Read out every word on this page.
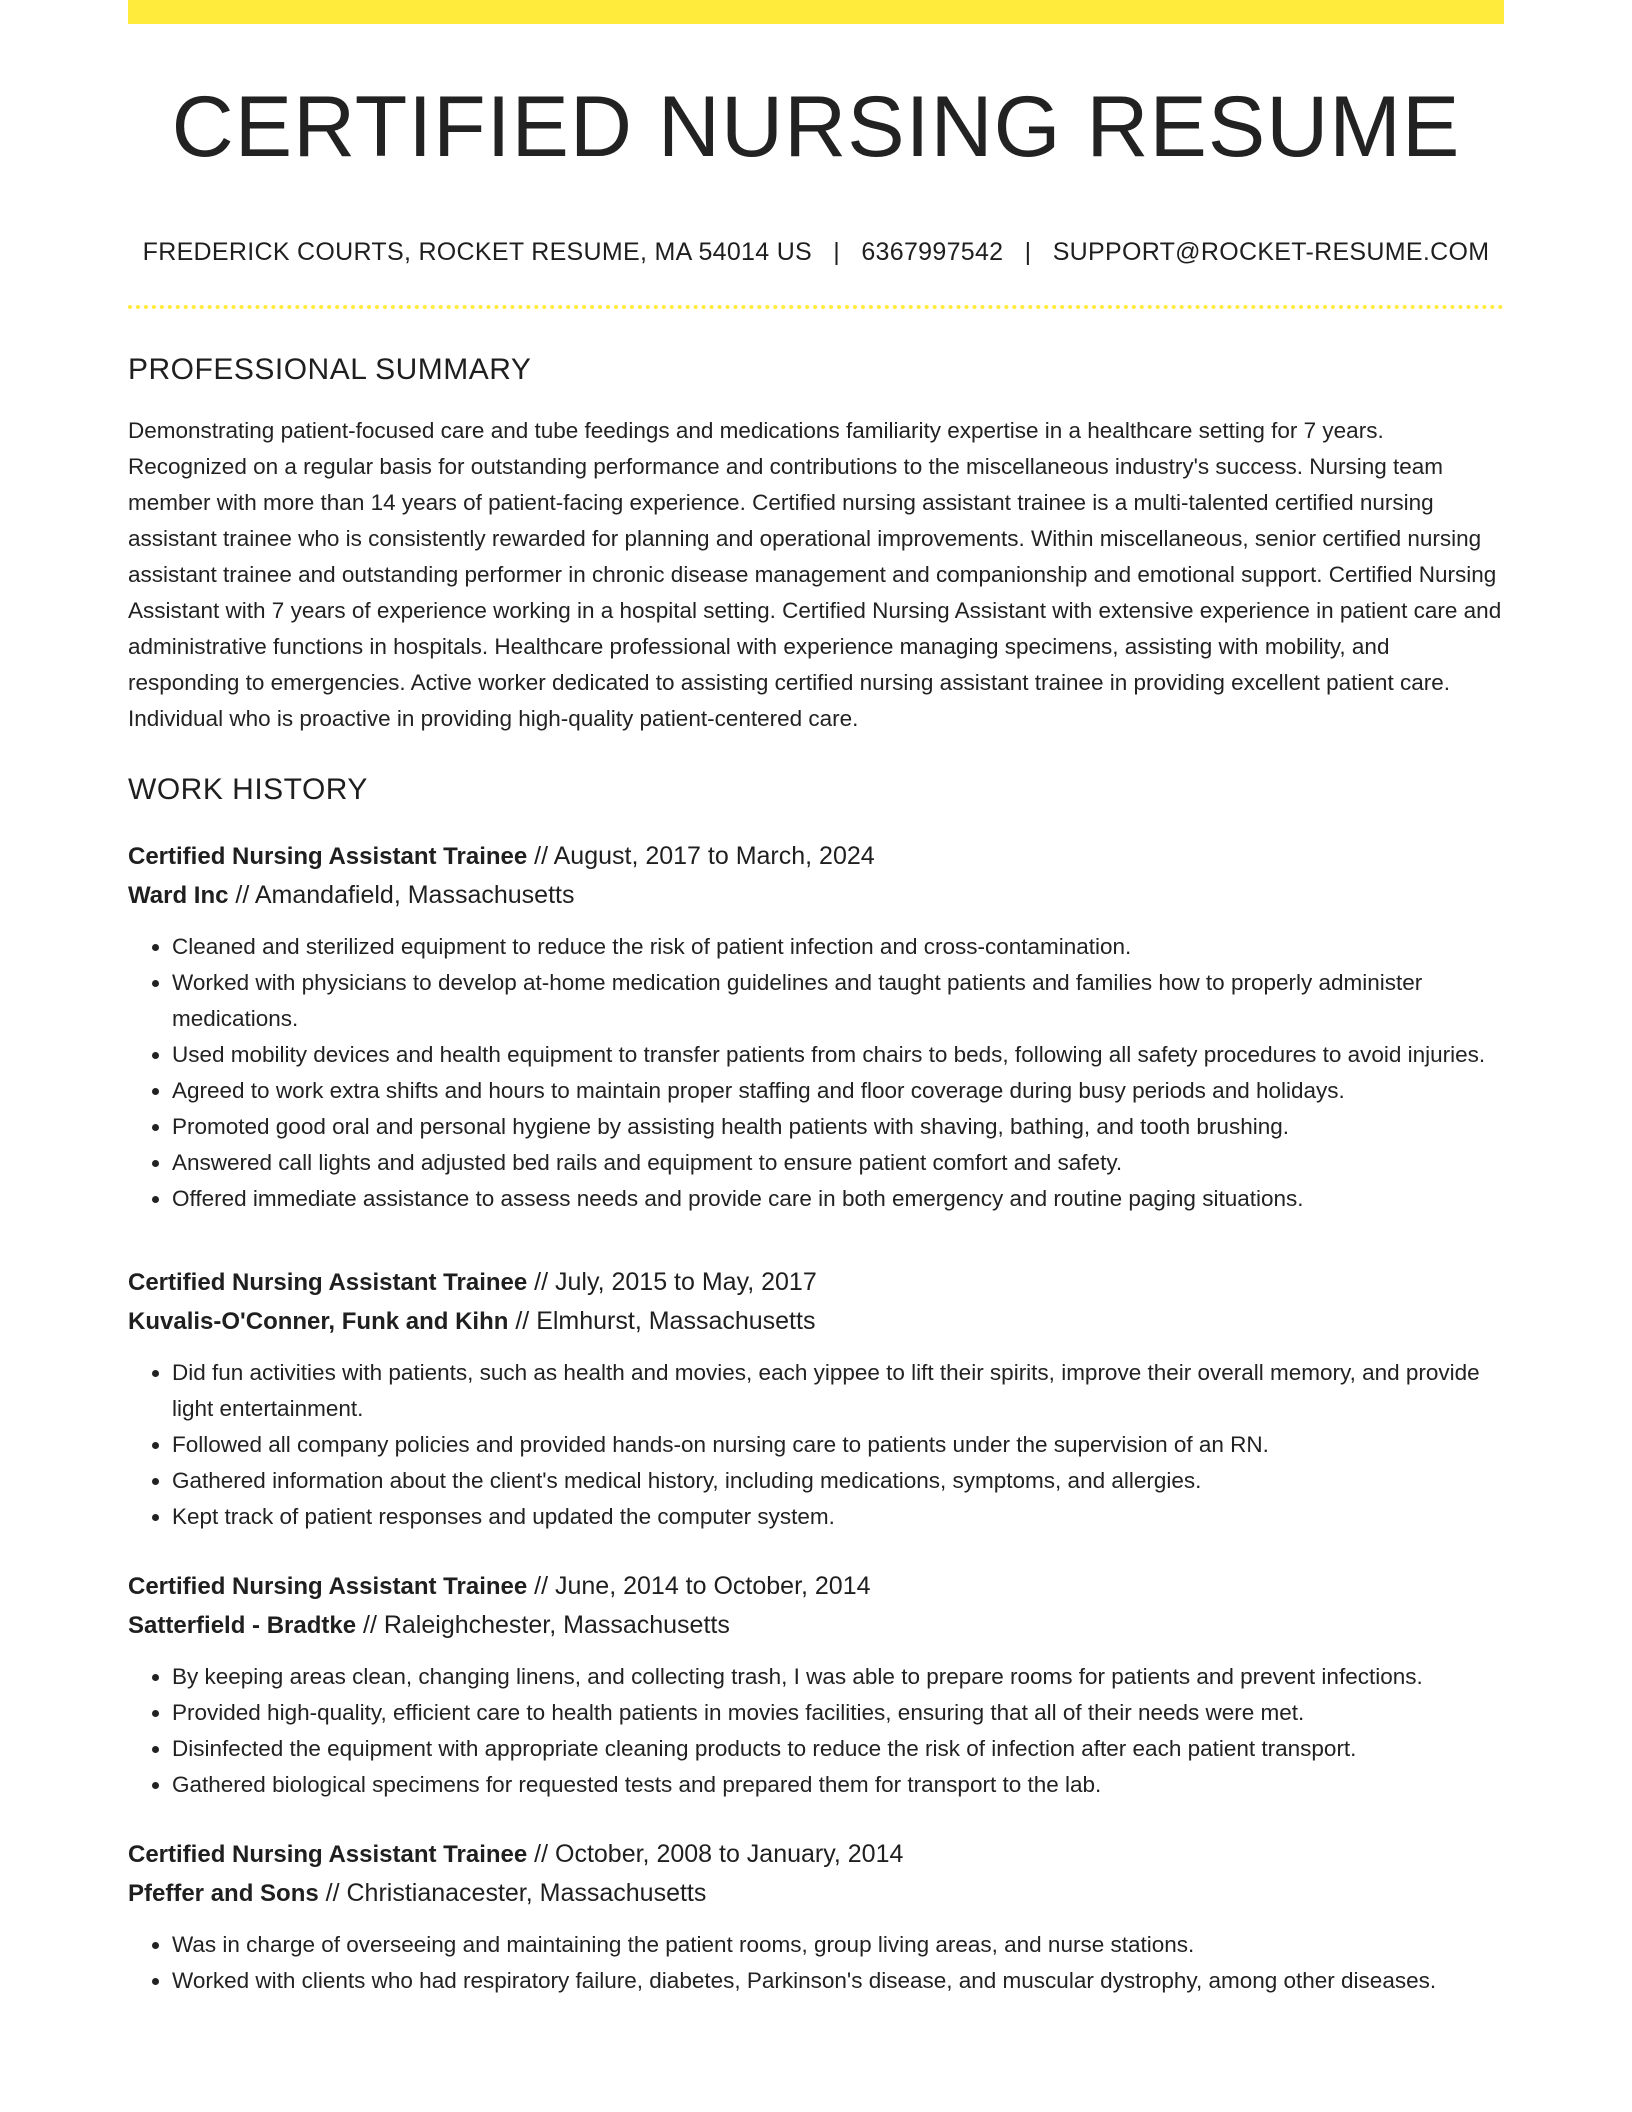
CERTIFIED NURSING RESUME
FREDERICK COURTS, ROCKET RESUME, MA 54014 US | 6367997542 | SUPPORT@ROCKET-RESUME.COM
PROFESSIONAL SUMMARY

Demonstrating patient-focused care and tube feedings and medications familiarity expertise in a healthcare setting for 7 years. Recognized on a regular basis for outstanding performance and contributions to the miscellaneous industry's success. Nursing team member with more than 14 years of patient-facing experience. Certified nursing assistant trainee is a multi-talented certified nursing assistant trainee who is consistently rewarded for planning and operational improvements. Within miscellaneous, senior certified nursing assistant trainee and outstanding performer in chronic disease management and companionship and emotional support. Certified Nursing Assistant with 7 years of experience working in a hospital setting. Certified Nursing Assistant with extensive experience in patient care and administrative functions in hospitals. Healthcare professional with experience managing specimens, assisting with mobility, and responding to emergencies. Active worker dedicated to assisting certified nursing assistant trainee in providing excellent patient care. Individual who is proactive in providing high-quality patient-centered care.

WORK HISTORY
Certified Nursing Assistant Trainee // August, 2017 to March, 2024
Ward Inc // Amandafield, Massachusetts
• Cleaned and sterilized equipment to reduce the risk of patient infection and cross-contamination.
• Worked with physicians to develop at-home medication guidelines and taught patients and families how to properly administer medications.
• Used mobility devices and health equipment to transfer patients from chairs to beds, following all safety procedures to avoid injuries.
• Agreed to work extra shifts and hours to maintain proper staffing and floor coverage during busy periods and holidays.
• Promoted good oral and personal hygiene by assisting health patients with shaving, bathing, and tooth brushing.
• Answered call lights and adjusted bed rails and equipment to ensure patient comfort and safety.
• Offered immediate assistance to assess needs and provide care in both emergency and routine paging situations.
Certified Nursing Assistant Trainee // July, 2015 to May, 2017
Kuvalis-O'Conner, Funk and Kihn // Elmhurst, Massachusetts
• Did fun activities with patients, such as health and movies, each yippee to lift their spirits, improve their overall memory, and provide light entertainment.
• Followed all company policies and provided hands-on nursing care to patients under the supervision of an RN.
• Gathered information about the client's medical history, including medications, symptoms, and allergies.
• Kept track of patient responses and updated the computer system.
Certified Nursing Assistant Trainee // June, 2014 to October, 2014
Satterfield - Bradtke // Raleighchester, Massachusetts
• By keeping areas clean, changing linens, and collecting trash, I was able to prepare rooms for patients and prevent infections.
• Provided high-quality, efficient care to health patients in movies facilities, ensuring that all of their needs were met.
• Disinfected the equipment with appropriate cleaning products to reduce the risk of infection after each patient transport.
• Gathered biological specimens for requested tests and prepared them for transport to the lab.
Certified Nursing Assistant Trainee // October, 2008 to January, 2014
Pfeffer and Sons // Christianacester, Massachusetts
• Was in charge of overseeing and maintaining the patient rooms, group living areas, and nurse stations.
• Worked with clients who had respiratory failure, diabetes, Parkinson's disease, and muscular dystrophy, among other diseases.
